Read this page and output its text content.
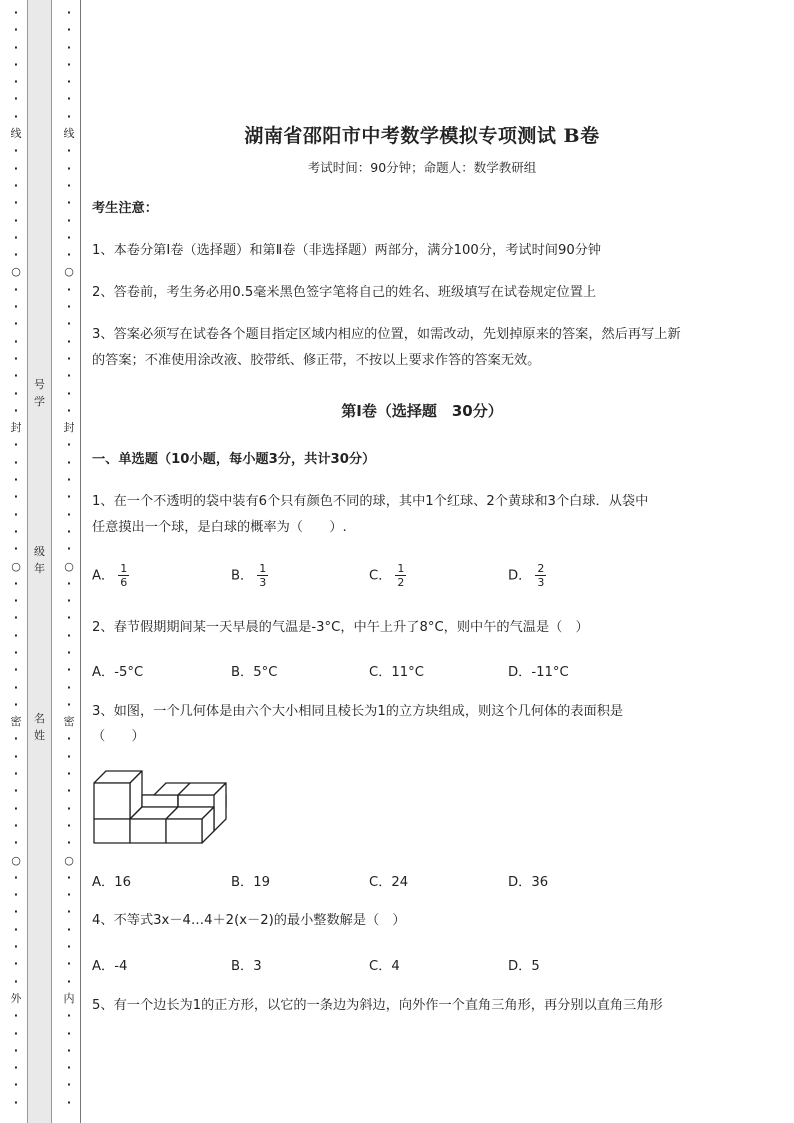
·
·
·
·
·
·
·
线
·
·
·
·
·
·
·
○
·
·
·
·
·
·
·
·
封
·
·
·
·
·
·
·
○
·
·
·
·
·
·
·
·
密
·
·
·
·
·
·
·
○
·
·
·
·
·
·
·
外
·
·
·
·
·
·
·
·
·
·
·
·
·
线
·
·
·
·
·
·
·
○
·
·
·
·
·
·
·
·
封
·
·
·
·
·
·
·
○
·
·
·
·
·
·
·
·
密
·
·
·
·
·
·
·
○
·
·
·
·
·
·
·
内
·
·
·
·
·
·
号
学
级
年
名
姓
湖南省邵阳市中考数学模拟专项测试 B卷
考试时间：90分钟；命题人：数学教研组
考生注意：
1、本卷分第I卷（选择题）和第Ⅱ卷（非选择题）两部分，满分100分，考试时间90分钟
2、答卷前，考生务必用0.5毫米黑色签字笔将自己的姓名、班级填写在试卷规定位置上
3、答案必须写在试卷各个题目指定区域内相应的位置，如需改动，先划掉原来的答案，然后再写上新
的答案；不准使用涂改液、胶带纸、修正带，不按以上要求作答的答案无效。
第I卷（选择题　30分）
一、单选题（10小题，每小题3分，共计30分）
1、在一个不透明的袋中装有6个只有颜色不同的球，其中1个红球、2个黄球和3个白球．从袋中
任意摸出一个球，是白球的概率为（　　）.
A． $\frac{1}{6}$	B． $\frac{1}{3}$	C． $\frac{1}{2}$	D． $\frac{2}{3}$
2、春节假期期间某一天早晨的气温是-3°C，中午上升了8°C，则中午的气温是（　）
A．-5°C	B．5°C	C．11°C	D．-11°C
3、如图，一个几何体是由六个大小相同且棱长为1的立方块组成，则这个几何体的表面积是
（　　）
A．16	B．19	C．24	D．36
4、不等式3x－4…4＋2(x－2)的最小整数解是（　）
A．-4	B．3	C．4	D．5
5、有一个边长为1的正方形，以它的一条边为斜边，向外作一个直角三角形，再分别以直角三角形
